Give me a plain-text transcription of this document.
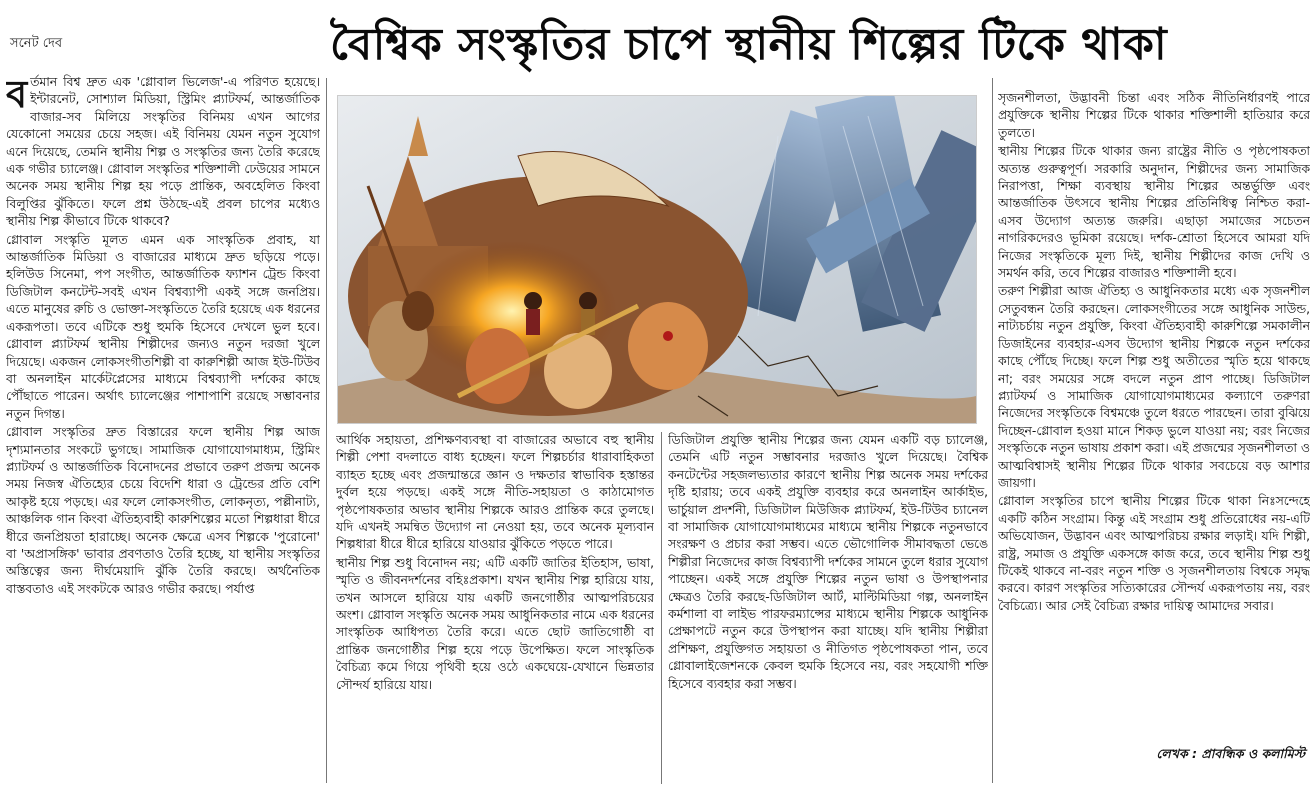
সনেট দেব	বৈশ্বিক সংস্কৃতির চাপে স্থানীয় শিল্পের টিকে থাকা
ব র্তমান বিশ্ব দ্রুত এক 'গ্লোবাল ভিলেজ'-এ পরিণত হয়েছে। ইন্টারনেট, সোশ্যাল মিডিয়া, স্ট্রিমিং প্ল্যাটফর্ম, আন্তর্জাতিক বাজার-সব মিলিয়ে সংস্কৃতির বিনিময় এখন আগের যেকোনো সময়ের চেয়ে সহজ। এই বিনিময় যেমন নতুন সুযোগ এনে দিয়েছে, তেমনি স্থানীয় শিল্প ও সংস্কৃতির জন্য তৈরি করেছে এক গভীর চ্যালেঞ্জ। গ্লোবাল সংস্কৃতির শক্তিশালী ঢেউয়ের সামনে অনেক সময় স্থানীয় শিল্প হয় পড়ে প্রান্তিক, অবহেলিত কিংবা বিলুপ্তির ঝুঁকিতে। ফলে প্রশ্ন উঠছে-এই প্রবল চাপের মধ্যেও স্থানীয় শিল্প কীভাবে টিকে থাকবে?

গ্লোবাল সংস্কৃতি মূলত এমন এক সাংস্কৃতিক প্রবাহ, যা আন্তর্জাতিক মিডিয়া ও বাজারের মাধ্যমে দ্রুত ছড়িয়ে পড়ে। হলিউড সিনেমা, পপ সংগীত, আন্তর্জাতিক ফ্যাশন ট্রেন্ড কিংবা ডিজিটাল কনটেন্ট-সবই এখন বিশ্বব্যাপী একই সঙ্গে জনপ্রিয়। এতে মানুষের রুচি ও ভোক্তা-সংস্কৃতিতে তৈরি হয়েছে এক ধরনের একরূপতা। তবে এটিকে শুধু হুমকি হিসেবে দেখলে ভুল হবে। গ্লোবাল প্ল্যাটফর্ম স্থানীয় শিল্পীদের জন্যও নতুন দরজা খুলে দিয়েছে। একজন লোকসংগীতশিল্পী বা কারুশিল্পী আজ ইউ-টিউব বা অনলাইন মার্কেটপ্লেসের মাধ্যমে বিশ্বব্যাপী দর্শকের কাছে পৌঁছাতে পারেন। অর্থাৎ চ্যালেঞ্জের পাশাপাশি রয়েছে সম্ভাবনার নতুন দিগন্ত।

গ্লোবাল সংস্কৃতির দ্রুত বিস্তারের ফলে স্থানীয় শিল্প আজ দৃশ্যমানতার সংকটে ভুগছে। সামাজিক যোগাযোগমাধ্যম, স্ট্রিমিং প্ল্যাটফর্ম ও আন্তর্জাতিক বিনোদনের প্রভাবে তরুণ প্রজন্ম অনেক সময় নিজস্ব ঐতিহ্যের চেয়ে বিদেশি ধারা ও ট্রেন্ডের প্রতি বেশি আকৃষ্ট হয়ে পড়ছে। এর ফলে লোকসংগীত, লোকনৃত্য, পল্লীনাট্য, আঞ্চলিক গান কিংবা ঐতিহ্যবাহী কারুশিল্পের মতো শিল্পধারা ধীরে ধীরে জনপ্রিয়তা হারাচ্ছে। অনেক ক্ষেত্রে এসব শিল্পকে 'পুরোনো' বা 'অপ্রাসঙ্গিক' ভাবার প্রবণতাও তৈরি হচ্ছে, যা স্থানীয় সংস্কৃতির অস্তিত্বের জন্য দীর্ঘমেয়াদি ঝুঁকি তৈরি করছে। অর্থনৈতিক বাস্তবতাও এই সংকটকে আরও গভীর করছে। পর্যাপ্ত

আর্থিক সহায়তা, প্রশিক্ষণব্যবস্থা বা বাজারের অভাবে বহু স্থানীয় শিল্পী পেশা বদলাতে বাধ্য হচ্ছেন। ফলে শিল্পচর্চার ধারাবাহিকতা ব্যাহত হচ্ছে এবং প্রজন্মান্তরে জ্ঞান ও দক্ষতার স্বাভাবিক হস্তান্তর দুর্বল হয়ে পড়ছে। একই সঙ্গে নীতি-সহায়তা ও কাঠামোগত পৃষ্ঠপোষকতার অভাব স্থানীয় শিল্পকে আরও প্রান্তিক করে তুলছে। যদি এখনই সমন্বিত উদ্যোগ না নেওয়া হয়, তবে অনেক মূল্যবান শিল্পধারা ধীরে ধীরে হারিয়ে যাওয়ার ঝুঁকিতে পড়তে পারে।

স্থানীয় শিল্প শুধু বিনোদন নয়; এটি একটি জাতির ইতিহাস, ভাষা, স্মৃতি ও জীবনদর্শনের বহিঃপ্রকাশ। যখন স্থানীয় শিল্প হারিয়ে যায়, তখন আসলে হারিয়ে যায় একটি জনগোষ্ঠীর আত্মপরিচয়ের অংশ। গ্লোবাল সংস্কৃতি অনেক সময় আধুনিকতার নামে এক ধরনের সাংস্কৃতিক আধিপত্য তৈরি করে। এতে ছোট জাতিগোষ্ঠী বা প্রান্তিক জনগোষ্ঠীর শিল্প হয়ে পড়ে উপেক্ষিত। ফলে সাংস্কৃতিক বৈচিত্র্য কমে গিয়ে পৃথিবী হয়ে ওঠে একঘেয়ে-যেখানে ভিন্নতার সৌন্দর্য হারিয়ে যায়।

ডিজিটাল প্রযুক্তি স্থানীয় শিল্পের জন্য যেমন একটি বড় চ্যালেঞ্জ, তেমনি এটি নতুন সম্ভাবনার দরজাও খুলে দিয়েছে। বৈশ্বিক কনটেন্টের সহজলভ্যতার কারণে স্থানীয় শিল্প অনেক সময় দর্শকের দৃষ্টি হারায়; তবে একই প্রযুক্তি ব্যবহার করে অনলাইন আর্কাইভ, ভার্চুয়াল প্রদর্শনী, ডিজিটাল মিউজিক প্ল্যাটফর্ম, ইউ-টিউব চ্যানেল বা সামাজিক যোগাযোগমাধ্যমের মাধ্যমে স্থানীয় শিল্পকে নতুনভাবে সংরক্ষণ ও প্রচার করা সম্ভব। এতে ভৌগোলিক সীমাবদ্ধতা ভেঙে শিল্পীরা নিজেদের কাজ বিশ্বব্যাপী দর্শকের সামনে তুলে ধরার সুযোগ পাচ্ছেন। একই সঙ্গে প্রযুক্তি শিল্পের নতুন ভাষা ও উপস্থাপনার ক্ষেত্রও তৈরি করছে-ডিজিটাল আর্ট, মাল্টিমিডিয়া গল্প, অনলাইন কর্মশালা বা লাইভ পারফরম্যান্সের মাধ্যমে স্থানীয় শিল্পকে আধুনিক প্রেক্ষাপটে নতুন করে উপস্থাপন করা যাচ্ছে। যদি স্থানীয় শিল্পীরা প্রশিক্ষণ, প্রযুক্তিগত সহায়তা ও নীতিগত পৃষ্ঠপোষকতা পান, তবে গ্লোবালাইজেশনকে কেবল হুমকি হিসেবে নয়, বরং সহযোগী শক্তি হিসেবে ব্যবহার করা সম্ভব।

সৃজনশীলতা, উদ্ভাবনী চিন্তা এবং সঠিক নীতিনির্ধারণই পারে প্রযুক্তিকে স্থানীয় শিল্পের টিকে থাকার শক্তিশালী হাতিয়ার করে তুলতে।

স্থানীয় শিল্পের টিকে থাকার জন্য রাষ্ট্রের নীতি ও পৃষ্ঠপোষকতা অত্যন্ত গুরুত্বপূর্ণ। সরকারি অনুদান, শিল্পীদের জন্য সামাজিক নিরাপত্তা, শিক্ষা ব্যবস্থায় স্থানীয় শিল্পের অন্তর্ভুক্তি এবং আন্তর্জাতিক উৎসবে স্থানীয় শিল্পের প্রতিনিধিত্ব নিশ্চিত করা-এসব উদ্যোগ অত্যন্ত জরুরি। এছাড়া সমাজের সচেতন নাগরিকদেরও ভূমিকা রয়েছে। দর্শক-শ্রোতা হিসেবে আমরা যদি নিজের সংস্কৃতিকে মূল্য দিই, স্থানীয় শিল্পীদের কাজ দেখি ও সমর্থন করি, তবে শিল্পের বাজারও শক্তিশালী হবে।

তরুণ শিল্পীরা আজ ঐতিহ্য ও আধুনিকতার মধ্যে এক সৃজনশীল সেতুবন্ধন তৈরি করছেন। লোকসংগীতের সঙ্গে আধুনিক সাউন্ড, নাট্যচর্চায় নতুন প্রযুক্তি, কিংবা ঐতিহ্যবাহী কারুশিল্পে সমকালীন ডিজাইনের ব্যবহার-এসব উদ্যোগ স্থানীয় শিল্পকে নতুন দর্শকের কাছে পৌঁছে দিচ্ছে। ফলে শিল্প শুধু অতীতের স্মৃতি হয়ে থাকছে না; বরং সময়ের সঙ্গে বদলে নতুন প্রাণ পাচ্ছে। ডিজিটাল প্ল্যাটফর্ম ও সামাজিক যোগাযোগমাধ্যমের কল্যাণে তরুণরা নিজেদের সংস্কৃতিকে বিশ্বমঞ্চে তুলে ধরতে পারছেন। তারা বুঝিয়ে দিচ্ছেন-গ্লোবাল হওয়া মানে শিকড় ভুলে যাওয়া নয়; বরং নিজের সংস্কৃতিকে নতুন ভাষায় প্রকাশ করা। এই প্রজন্মের সৃজনশীলতা ও আত্মবিশ্বাসই স্থানীয় শিল্পের টিকে থাকার সবচেয়ে বড় আশার জায়গা।

গ্লোবাল সংস্কৃতির চাপে স্থানীয় শিল্পের টিকে থাকা নিঃসন্দেহে একটি কঠিন সংগ্রাম। কিন্তু এই সংগ্রাম শুধু প্রতিরোধের নয়-এটি অভিযোজন, উদ্ভাবন এবং আত্মপরিচয় রক্ষার লড়াই। যদি শিল্পী, রাষ্ট্র, সমাজ ও প্রযুক্তি একসঙ্গে কাজ করে, তবে স্থানীয় শিল্প শুধু টিকেই থাকবে না-বরং নতুন শক্তি ও সৃজনশীলতায় বিশ্বকে সমৃদ্ধ করবে। কারণ সংস্কৃতির সত্যিকারের সৌন্দর্য একরূপতায় নয়, বরং বৈচিত্র্যে। আর সেই বৈচিত্র্য রক্ষার দায়িত্ব আমাদের সবার।

লেখক : প্রাবন্ধিক ও কলামিস্ট
